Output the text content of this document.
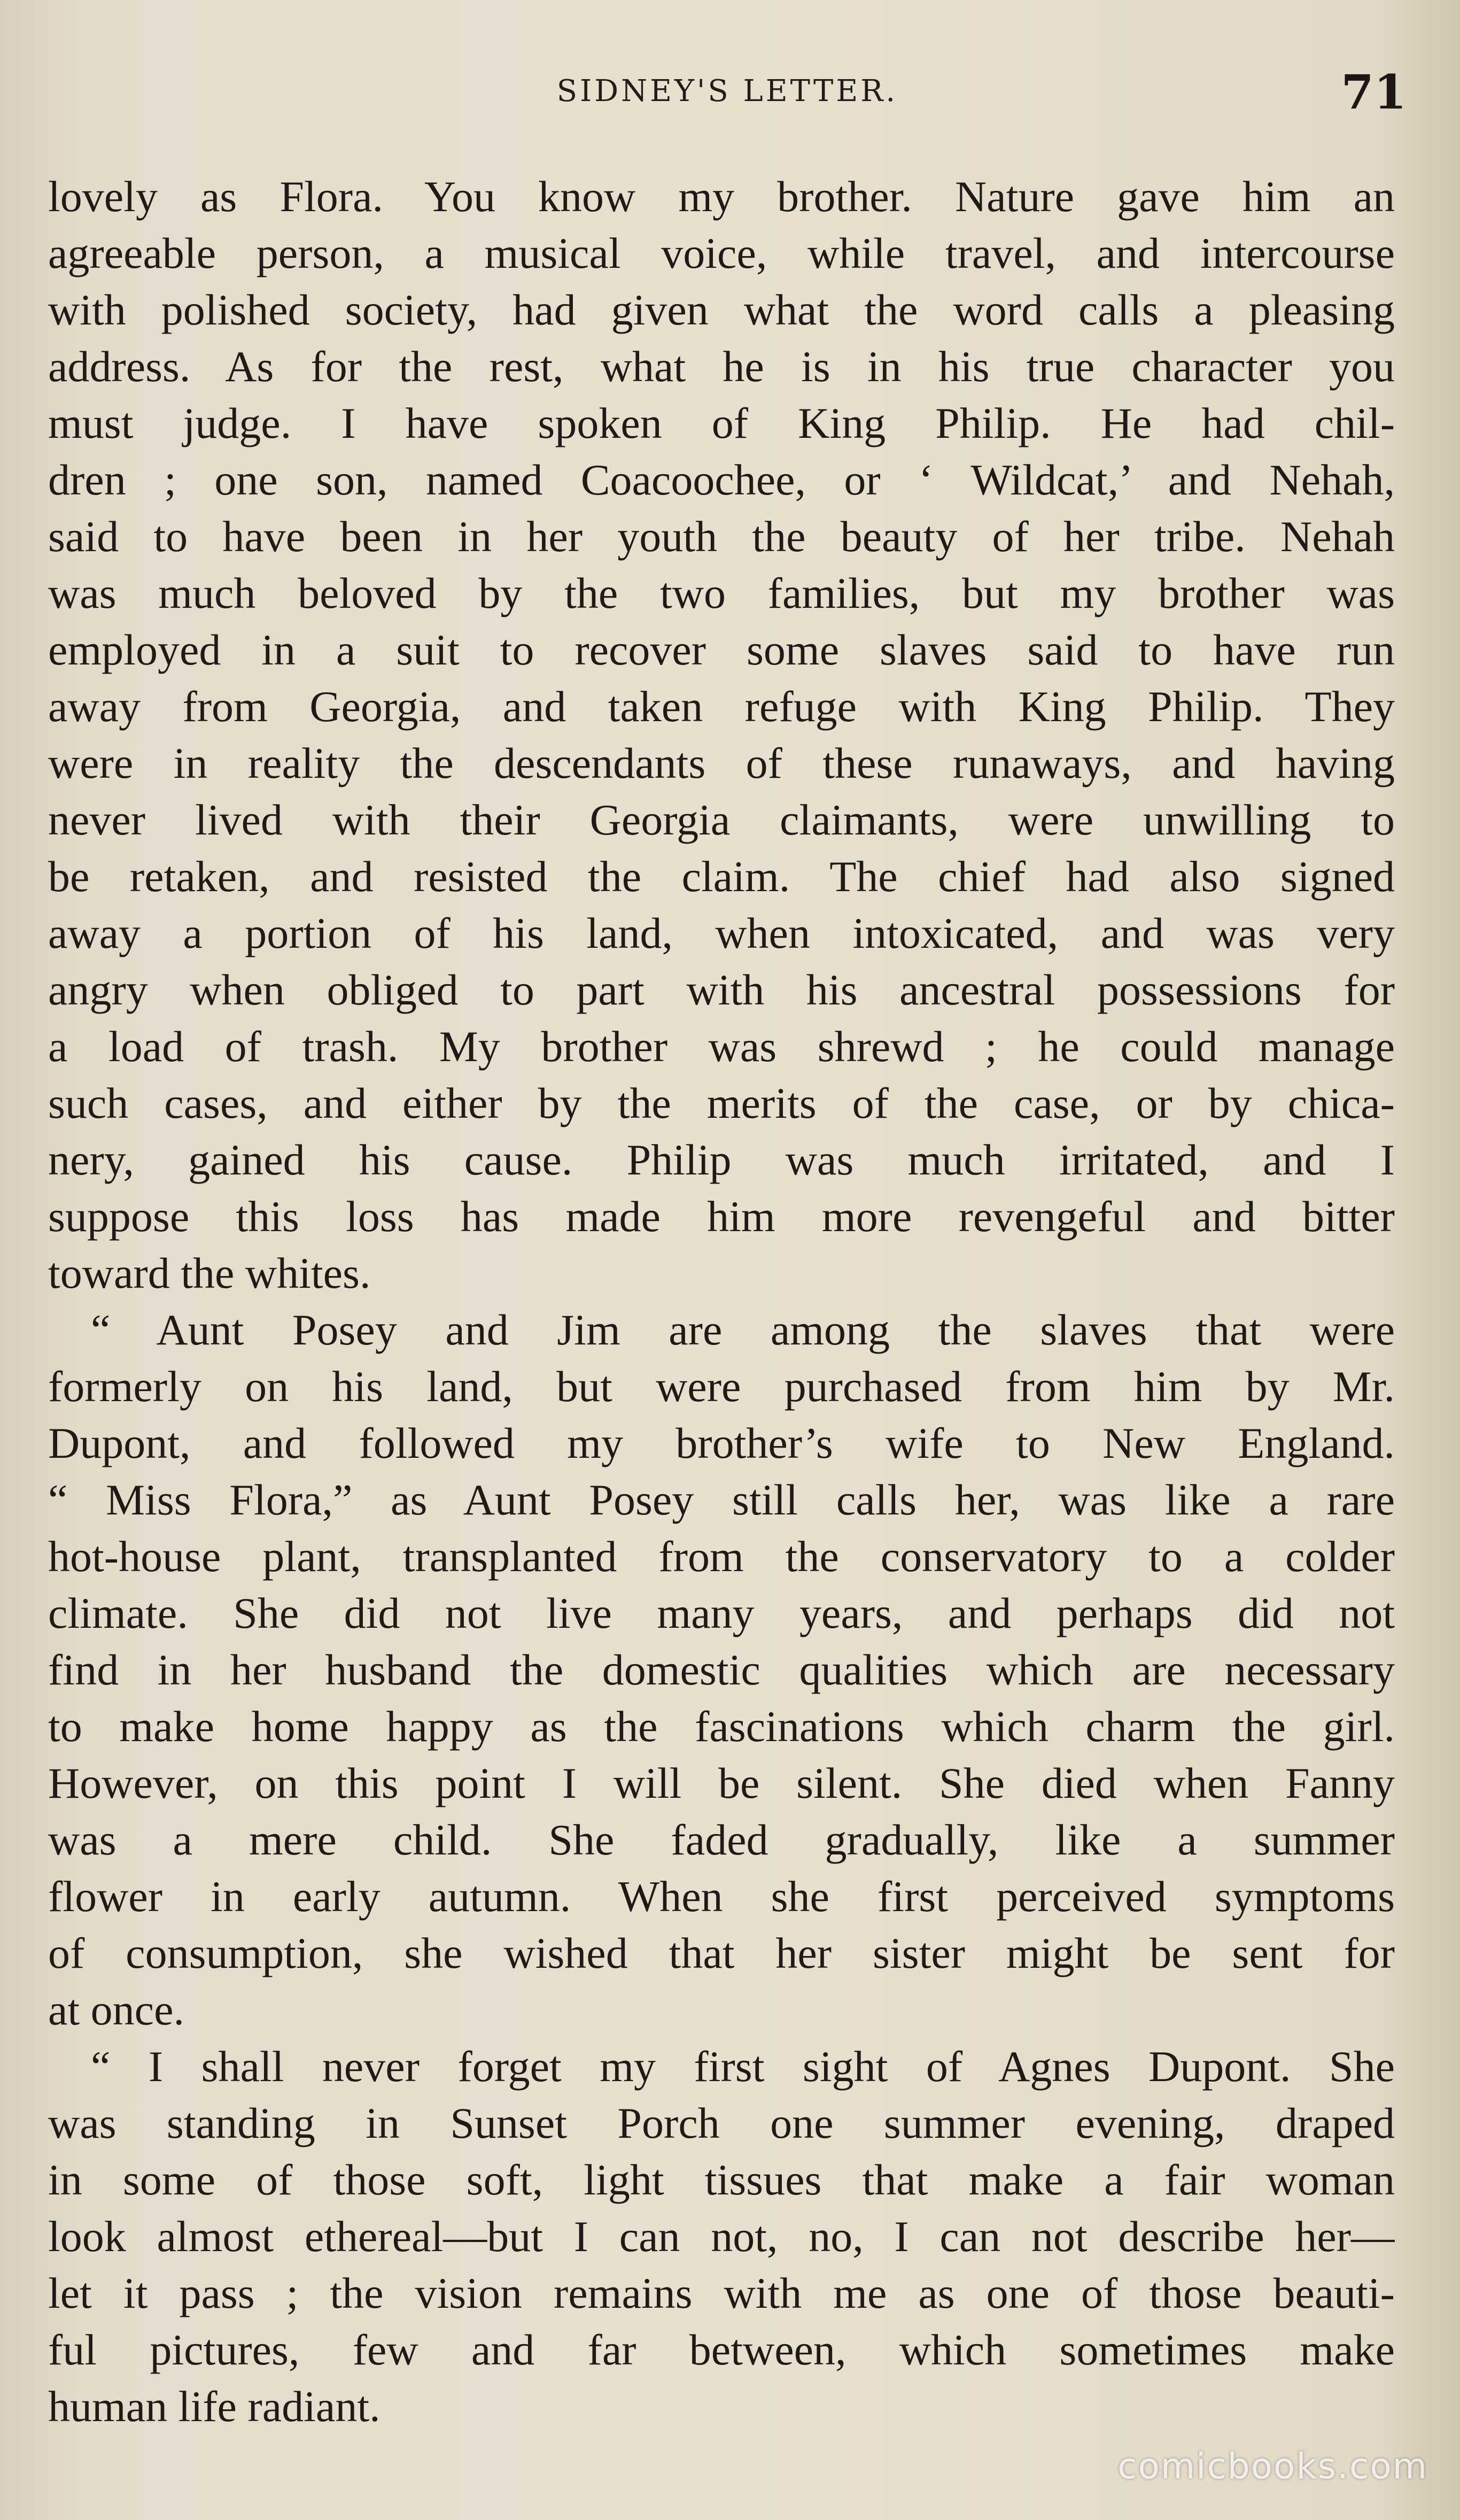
SIDNEY'S LETTER.	71
lovely as Flora. You know my brother. Nature gave him an
agreeable person, a musical voice, while travel, and intercourse
with polished society, had given what the word calls a pleasing
address. As for the rest, what he is in his true character you
must judge. I have spoken of King Philip. He had chil-
dren ; one son, named Coacoochee, or ‘ Wildcat,’ and Nehah,
said to have been in her youth the beauty of her tribe. Nehah
was much beloved by the two families, but my brother was
employed in a suit to recover some slaves said to have run
away from Georgia, and taken refuge with King Philip. They
were in reality the descendants of these runaways, and having
never lived with their Georgia claimants, were unwilling to
be retaken, and resisted the claim. The chief had also signed
away a portion of his land, when intoxicated, and was very
angry when obliged to part with his ancestral possessions for
a load of trash. My brother was shrewd ; he could manage
such cases, and either by the merits of the case, or by chica-
nery, gained his cause. Philip was much irritated, and I
suppose this loss has made him more revengeful and bitter
toward the whites.
“ Aunt Posey and Jim are among the slaves that were
formerly on his land, but were purchased from him by Mr.
Dupont, and followed my brother’s wife to New England.
“ Miss Flora,” as Aunt Posey still calls her, was like a rare
hot-house plant, transplanted from the conservatory to a colder
climate. She did not live many years, and perhaps did not
find in her husband the domestic qualities which are necessary
to make home happy as the fascinations which charm the girl.
However, on this point I will be silent. She died when Fanny
was a mere child. She faded gradually, like a summer
flower in early autumn. When she first perceived symptoms
of consumption, she wished that her sister might be sent for
at once.
“ I shall never forget my first sight of Agnes Dupont. She
was standing in Sunset Porch one summer evening, draped
in some of those soft, light tissues that make a fair woman
look almost ethereal—but I can not, no, I can not describe her—
let it pass ; the vision remains with me as one of those beauti-
ful pictures, few and far between, which sometimes make
human life radiant.
comicbooks.com
